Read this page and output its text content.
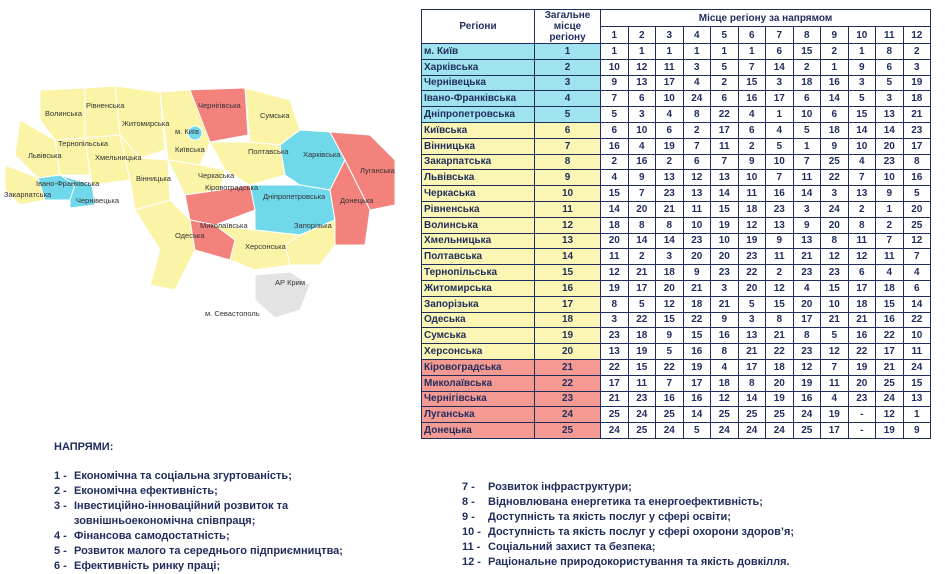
Волинська
Рівненська
Житомирська
Чернігівська
Сумська
м. Київ
Київська
Львівська
Тернопільська
Хмельницька
Вінницька	Черкаська
Полтавська Харківська
Луганська
Івано-Франківська
Закарпатська
Чернівецька
Кіровоградська
Дніпропетровська Донецька
Одеська
Миколаївська	Запорізька
Херсонська
АР Крим
м. Севастополь
Регіони	Загальне місце регіону	Місце регіону за напрямом											
		1	2	3	4	5	6	7	8	9	10	11	12
м. Київ	1	1	1	1	1	1	1	6	15	2	1	8	2
Харківська	2	10	12	11	3	5	7	14	2	1	9	6	3
Чернівецька	3	9	13	17	4	2	15	3	18	16	3	5	19
Івано-Франківська	4	7	6	10	24	6	16	17	6	14	5	3	18
Дніпропетровська	5	5	3	4	8	22	4	1	10	6	15	13	21
Київська	6	6	10	6	2	17	6	4	5	18	14	14	23
Вінницька	7	16	4	19	7	11	2	5	1	9	10	20	17
Закарпатська	8	2	16	2	6	7	9	10	7	25	4	23	8
Львівська	9	4	9	13	12	13	10	7	11	22	7	10	16
Черкаська	10	15	7	23	13	14	11	16	14	3	13	9	5
Рівненська	11	14	20	21	11	15	18	23	3	24	2	1	20
Волинська	12	18	8	8	10	19	12	13	9	20	8	2	25
Хмельницька	13	20	14	14	23	10	19	9	13	8	11	7	12
Полтавська	14	11	2	3	20	20	23	11	21	12	12	11	7
Тернопільська	15	12	21	18	9	23	22	2	23	23	6	4	4
Житомирська	16	19	17	20	21	3	20	12	4	15	17	18	6
Запорізька	17	8	5	12	18	21	5	15	20	10	18	15	14
Одеська	18	3	22	15	22	9	3	8	17	21	21	16	22
Сумська	19	23	18	9	15	16	13	21	8	5	16	22	10
Херсонська	20	13	19	5	16	8	21	22	23	12	22	17	11
Кіровоградська	21	22	15	22	19	4	17	18	12	7	19	21	24
Миколаївська	22	17	11	7	17	18	8	20	19	11	20	25	15
Чернігівська	23	21	23	16	16	12	14	19	16	4	23	24	13
Луганська	24	25	24	25	14	25	25	25	24	19	-	12	1
Донецька	25	24	25	24	5	24	24	24	25	17	-	19	9
НАПРЯМИ:
1 - Економічна та соціальна згуртованість;
2 - Економічна ефективність;
3 - Інвестиційно-інноваційний розвиток та
зовнішньоекономічна співпраця;
4 - Фінансова самодостатність;
5 - Розвиток малого та середнього підприємництва;
6 - Ефективність ринку праці;
7 - Розвиток інфраструктури;
8 - Відновлювана енергетика та енергоефективність;
9 - Доступність та якість послуг у сфері освіти;
10 - Доступність та якість послуг у сфері охорони здоров’я;
11 - Соціальний захист та безпека;
12 - Раціональне природокористування та якість довкілля.
